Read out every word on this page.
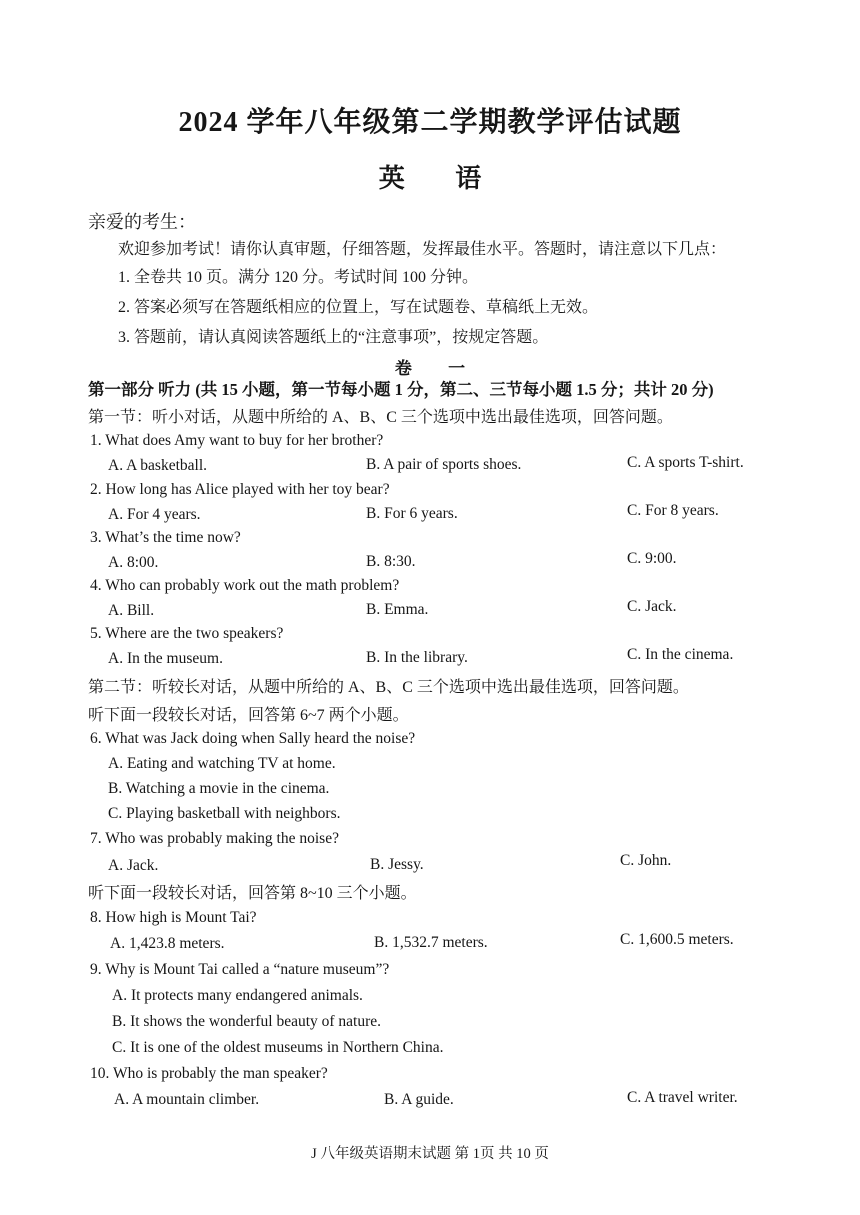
2024 学年八年级第二学期教学评估试题
英 语
亲爱的考生：
欢迎参加考试！请你认真审题，仔细答题，发挥最佳水平。答题时，请注意以下几点：
1. 全卷共 10 页。满分 120 分。考试时间 100 分钟。
2. 答案必须写在答题纸相应的位置上，写在试题卷、草稿纸上无效。
3. 答题前，请认真阅读答题纸上的“注意事项”，按规定答题。
卷 一
第一部分 听力 (共 15 小题，第一节每小题 1 分，第二、三节每小题 1.5 分；共计 20 分)
第一节：听小对话，从题中所给的 A、B、C 三个选项中选出最佳选项，回答问题。
1. What does Amy want to buy for her brother?
A. A basketball.	B. A pair of sports shoes.	C. A sports T-shirt.
2. How long has Alice played with her toy bear?
A. For 4 years.	B. For 6 years.	C. For 8 years.
3. What’s the time now?
A. 8:00.	B. 8:30.	C. 9:00.
4. Who can probably work out the math problem?
A. Bill.	B. Emma.	C. Jack.
5. Where are the two speakers?
A. In the museum.	B. In the library.	C. In the cinema.
第二节：听较长对话，从题中所给的 A、B、C 三个选项中选出最佳选项，回答问题。
听下面一段较长对话，回答第 6~7 两个小题。
6. What was Jack doing when Sally heard the noise?
A. Eating and watching TV at home.
B. Watching a movie in the cinema.
C. Playing basketball with neighbors.
7. Who was probably making the noise?
A. Jack.	B. Jessy.	C. John.
听下面一段较长对话，回答第 8~10 三个小题。
8. How high is Mount Tai?
A. 1,423.8 meters.	B. 1,532.7 meters.	C. 1,600.5 meters.
9. Why is Mount Tai called a “nature museum”?
A. It protects many endangered animals.
B. It shows the wonderful beauty of nature.
C. It is one of the oldest museums in Northern China.
10. Who is probably the man speaker?
A. A mountain climber.	B. A guide.	C. A travel writer.
J 八年级英语期末试题 第 1页 共 10 页
